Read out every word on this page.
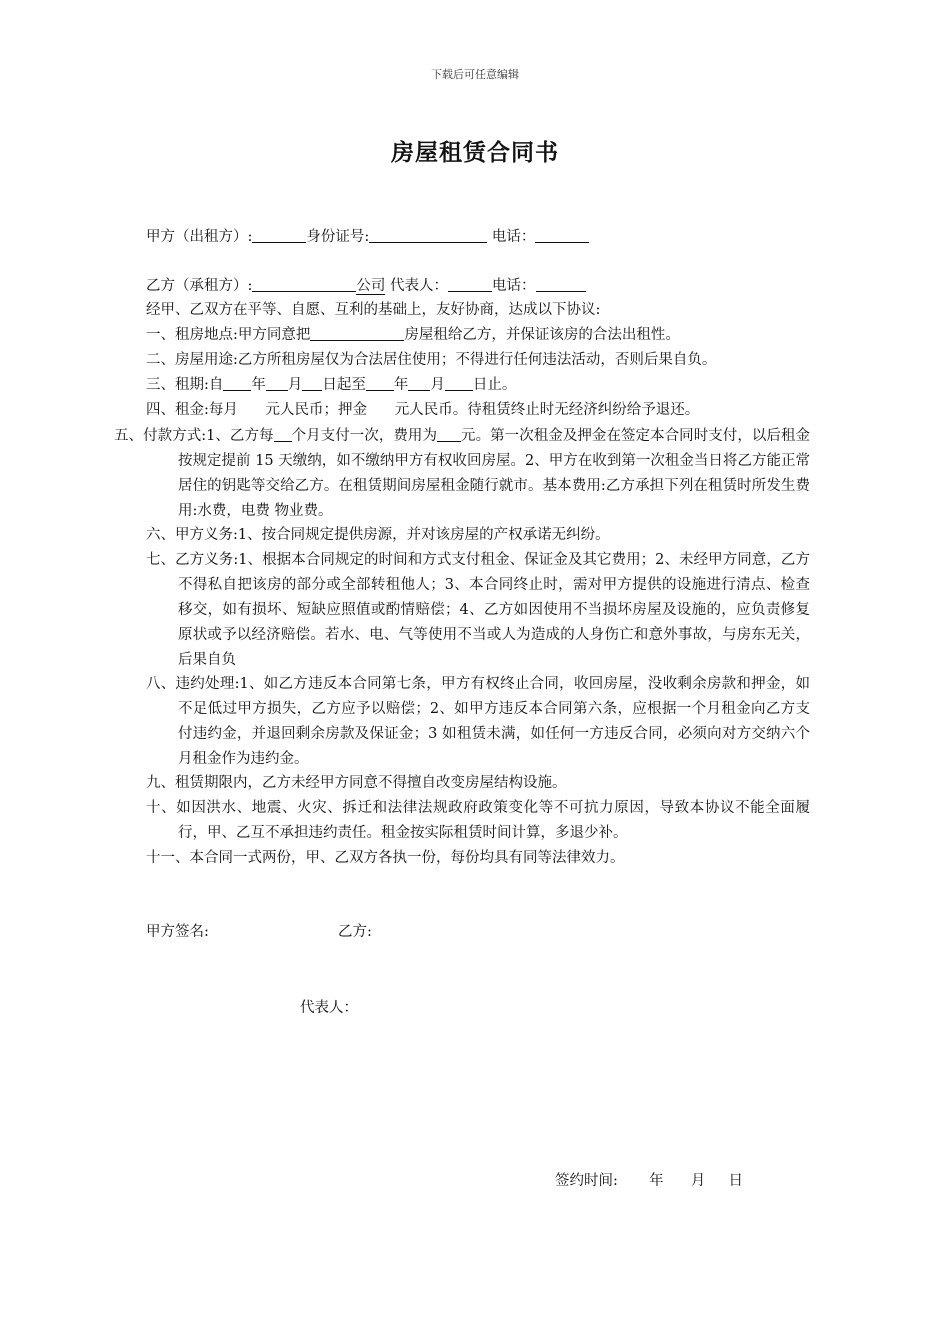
下载后可任意编辑
房屋租赁合同书
甲方（出租方）:	身份证号:	电话：
乙方（承租方）:	公司 代表人：	电话：
经甲、乙双方在平等、自愿、互利的基础上，友好协商，达成以下协议:
一、租房地点:甲方同意把	房屋租给乙方，并保证该房的合法出租性。
二、房屋用途:乙方所租房屋仅为合法居住使用；不得进行任何违法活动，否则后果自负。
三、租期:自 年 月 日起至 年 月 日止。
四、租金:每月      元人民币；押金      元人民币。待租赁终止时无经济纠纷给予退还。
五、付款方式:1、乙方每 个月支付一次，费用为 元。第一次租金及押金在签定本合同时支付，以后租金按规定提前 15 天缴纳，如不缴纳甲方有权收回房屋。2、甲方在收到第一次租金当日将乙方能正常居住的钥匙等交给乙方。在租赁期间房屋租金随行就市。基本费用:乙方承担下列在租赁时所发生费用:水费，电费 物业费。
六、甲方义务:1、按合同规定提供房源，并对该房屋的产权承诺无纠纷。
七、乙方义务:1、根据本合同规定的时间和方式支付租金、保证金及其它费用；2、未经甲方同意，乙方不得私自把该房的部分或全部转租他人；3、本合同终止时，需对甲方提供的设施进行清点、检查移交，如有损坏、短缺应照值或酌情赔偿；4、乙方如因使用不当损坏房屋及设施的，应负责修复原状或予以经济赔偿。若水、电、气等使用不当或人为造成的人身伤亡和意外事故，与房东无关，后果自负
八、违约处理:1、如乙方违反本合同第七条，甲方有权终止合同，收回房屋，没收剩余房款和押金，如不足低过甲方损失，乙方应予以赔偿；2、如甲方违反本合同第六条，应根据一个月租金向乙方支付违约金，并退回剩余房款及保证金；3 如租赁未满，如任何一方违反合同，必须向对方交纳六个月租金作为违约金。
九、租赁期限内，乙方未经甲方同意不得擅自改变房屋结构设施。
十、如因洪水、地震、火灾、拆迁和法律法规政府政策变化等不可抗力原因，导致本协议不能全面履行，甲、乙互不承担违约责任。租金按实际租赁时间计算，多退少补。
十一、本合同一式两份，甲、乙双方各执一份，每份均具有同等法律效力。
甲方签名:	乙方:
代表人：
签约时间: 年 月 日
